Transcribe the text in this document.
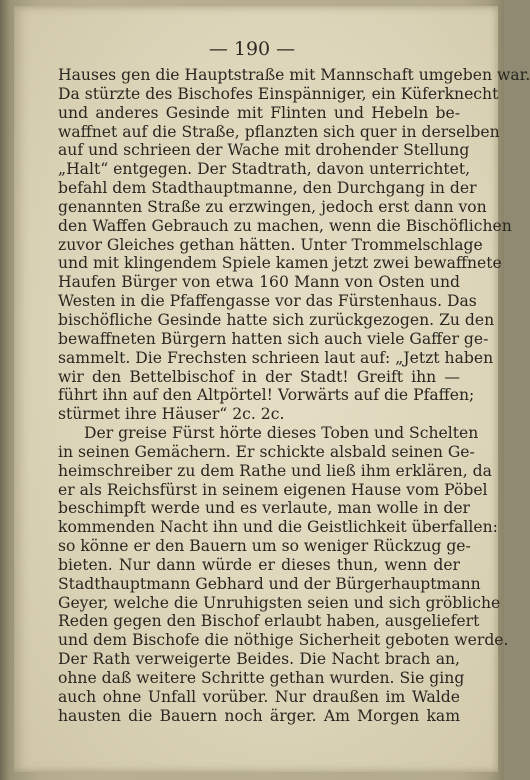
— 190 —
Hauses gen die Hauptstraße mit Mannschaft umgeben war.
Da stürzte des Bischofes Einspänniger, ein Küferknecht
und anderes Gesinde mit Flinten und Hebeln be-
waffnet auf die Straße, pflanzten sich quer in derselben
auf und schrieen der Wache mit drohender Stellung
„Halt“ entgegen. Der Stadtrath, davon unterrichtet,
befahl dem Stadthauptmanne, den Durchgang in der
genannten Straße zu erzwingen, jedoch erst dann von
den Waffen Gebrauch zu machen, wenn die Bischöflichen
zuvor Gleiches gethan hätten. Unter Trommelschlage
und mit klingendem Spiele kamen jetzt zwei bewaffnete
Haufen Bürger von etwa 160 Mann von Osten und
Westen in die Pfaffengasse vor das Fürstenhaus. Das
bischöfliche Gesinde hatte sich zurückgezogen. Zu den
bewaffneten Bürgern hatten sich auch viele Gaffer ge-
sammelt. Die Frechsten schrieen laut auf: „Jetzt haben
wir den Bettelbischof in der Stadt! Greift ihn —
führt ihn auf den Altpörtel! Vorwärts auf die Pfaffen;
stürmet ihre Häuser“ 2c. 2c.
Der greise Fürst hörte dieses Toben und Schelten
in seinen Gemächern. Er schickte alsbald seinen Ge-
heimschreiber zu dem Rathe und ließ ihm erklären, da
er als Reichsfürst in seinem eigenen Hause vom Pöbel
beschimpft werde und es verlaute, man wolle in der
kommenden Nacht ihn und die Geistlichkeit überfallen:
so könne er den Bauern um so weniger Rückzug ge-
bieten. Nur dann würde er dieses thun, wenn der
Stadthauptmann Gebhard und der Bürgerhauptmann
Geyer, welche die Unruhigsten seien und sich gröbliche
Reden gegen den Bischof erlaubt haben, ausgeliefert
und dem Bischofe die nöthige Sicherheit geboten werde.
Der Rath verweigerte Beides. Die Nacht brach an,
ohne daß weitere Schritte gethan wurden. Sie ging
auch ohne Unfall vorüber. Nur draußen im Walde
hausten die Bauern noch ärger. Am Morgen kam
